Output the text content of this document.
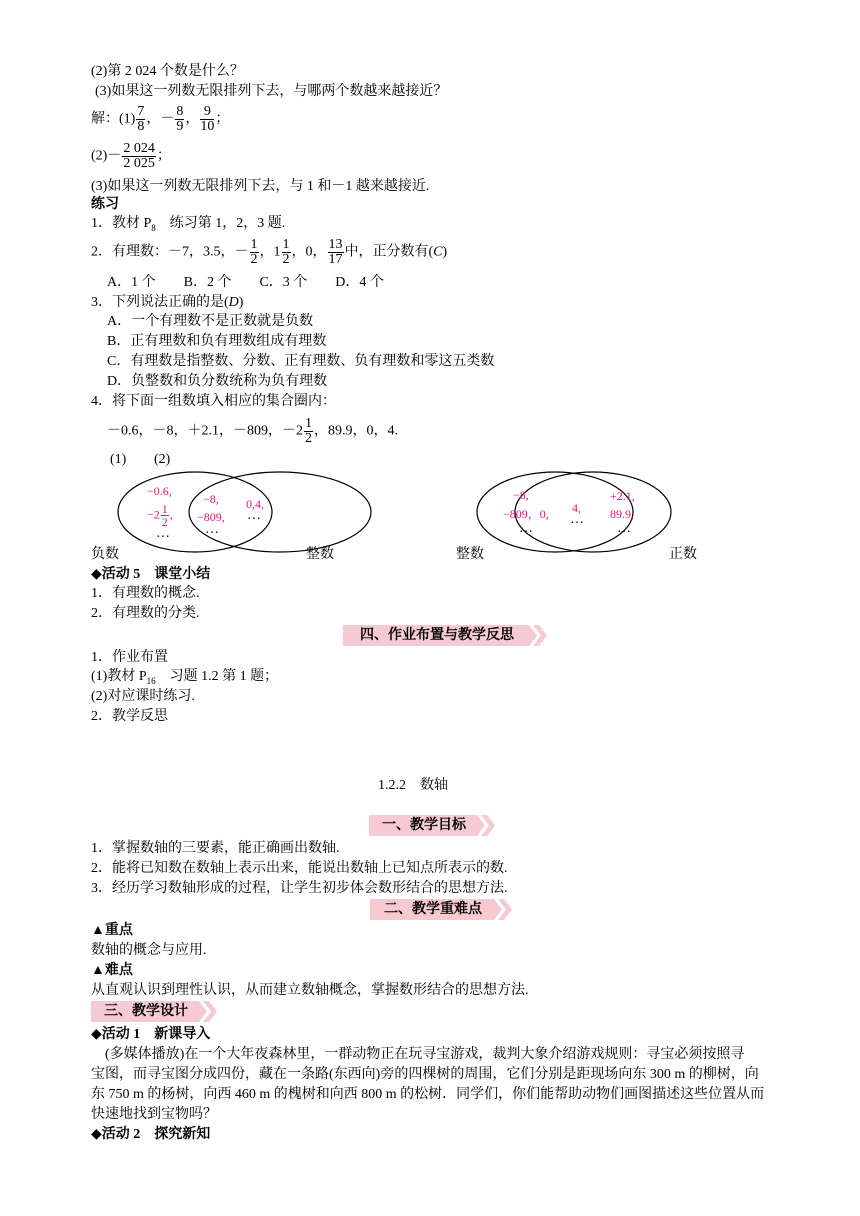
(2)第 2 024 个数是什么？
(3)如果这一列数无限排列下去，与哪两个数越来越接近？
解：$(1) \frac{7}{8}$ ，－ $\frac{8}{9}$ ， $\frac{9}{10}$ ；
$(2)- \frac{2 024}{2 025}$ ；
(3)如果这一列数无限排列下去，与 1 和－1 越来越接近.
练习
1．教材 $P_8$　练习第 1，2，3 题.
2．有理数：－7，3.5，－ $\frac{1}{2}$ ，$1 \frac{1}{2}$ ，0， $\frac{13}{17}$ 中，正分数有(C)
A．1 个　　B．2 个　　C．3 个　　D．4 个
3．下列说法正确的是(D)
A．一个有理数不是正数就是负数
B．正有理数和负有理数组成有理数
C．有理数是指整数、分数、正有理数、负有理数和零这五类数
D．负整数和负分数统称为负有理数
4．将下面一组数填入相应的集合圈内：
－0.6，－8，＋2.1，－809，$-2 \frac{1}{2}$ ，89.9，0，4.
(1) (2)
−0.6,
$-2 \frac{1}{2}$ ,
…
−8,
−809,
…
0,4,
…
负数	整数
−8,
−809，0,
…
4,
…
+2.1,
89.9,
…
整数	正数
◆活动 5　课堂小结
1．有理数的概念.
2．有理数的分类.
四、作业布置与教学反思
1．作业布置
(1)教材 $P_{16}$　习题 1.2 第 1 题；
(2)对应课时练习.
2．教学反思
1.2.2　数轴
一、教学目标
1．掌握数轴的三要素，能正确画出数轴.
2．能将已知数在数轴上表示出来，能说出数轴上已知点所表示的数.
3．经历学习数轴形成的过程，让学生初步体会数形结合的思想方法.
二、教学重难点
▲重点
数轴的概念与应用.
▲难点
从直观认识到理性认识，从而建立数轴概念，掌握数形结合的思想方法.
三、教学设计
◆活动 1　新课导入
(多媒体播放)在一个大年夜森林里，一群动物正在玩寻宝游戏，裁判大象介绍游戏规则：寻宝必须按照寻
宝图，而寻宝图分成四份，藏在一条路(东西向)旁的四棵树的周围，它们分别是距现场向东 300 m 的柳树，向
东 750 m 的杨树，向西 460 m 的槐树和向西 800 m 的松树．同学们，你们能帮助动物们画图描述这些位置从而
快速地找到宝物吗？
◆活动 2　探究新知
